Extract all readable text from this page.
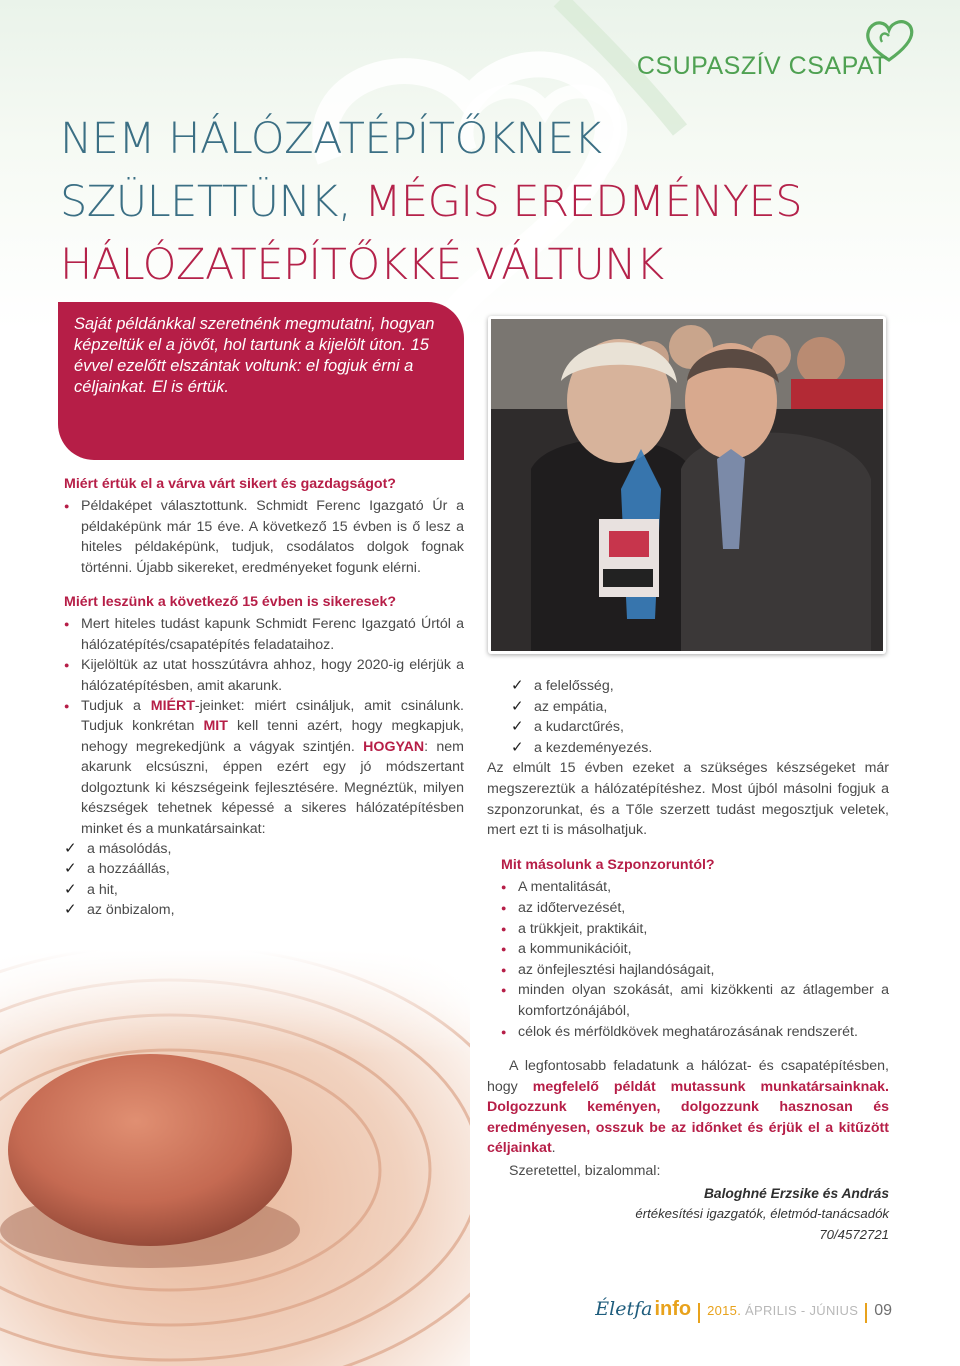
CSUPASZÍV CSAPAT
NEM HÁLÓZATÉPÍTŐKNEK
SZÜLETTÜNK, MÉGIS EREDMÉNYES
HÁLÓZATÉPÍTŐKKÉ VÁLTUNK
Saját példánkkal szeretnénk megmutatni, hogyan képzeltük el a jövőt, hol tartunk a kijelölt úton. 15 évvel ezelőtt elszántak voltunk: el fogjuk érni a céljainkat. El is értük.
Miért értük el a várva várt sikert és gazdagságot?
● Példaképet választottunk. Schmidt Ferenc Igazgató Úr a példaképünk már 15 éve. A következő 15 évben is ő lesz a hiteles példaképünk, tudjuk, csodálatos dolgok fognak történni. Újabb sikereket, eredményeket fogunk elérni.
Miért leszünk a következő 15 évben is sikeresek?
● Mert hiteles tudást kapunk Schmidt Ferenc Igazgató Úrtól a hálózatépítés/csapatépítés feladataihoz.
● Kijelöltük az utat hosszútávra ahhoz, hogy 2020-ig elérjük a hálózatépítésben, amit akarunk.
● Tudjuk a MIÉRT-jeinket: miért csináljuk, amit csinálunk. Tudjuk konkrétan MIT kell tenni azért, hogy megkapjuk, nehogy megrekedjünk a vágyak szintjén. HOGYAN: nem akarunk elcsúszni, éppen ezért egy jó módszertant dolgoztunk ki készségeink fejlesztésére. Megnéztük, milyen készségek tehetnek képessé a sikeres hálózatépítésben minket és a munkatársainkat:
✓ a másolódás,
✓ a hozzáállás,
✓ a hit,
✓ az önbizalom,
✓ a felelősség,
✓ az empátia,
✓ a kudarctűrés,
✓ a kezdeményezés.

Az elmúlt 15 évben ezeket a szükséges készségeket már megszereztük a hálózatépítéshez. Most újból másolni fogjuk a szponzorunkat, és a Tőle szerzett tudást megosztjuk veletek, mert ezt ti is másolhatjuk.

Mit másolunk a Szponzoruntól?
● A mentalitását,
● az időtervezését,
● a trükkjeit, praktikáit,
● a kommunikációit,
● az önfejlesztési hajlandóságait,
● minden olyan szokását, ami kizökkenti az átlagember a komfortzónájából,
● célok és mérföldkövek meghatározásának rendszerét.

A legfontosabb feladatunk a hálózat- és csapatépítésben, hogy megfelelő példát mutassunk munkatársainknak. Dolgozzunk keményen, dolgozzunk hasznosan és eredményesen, osszuk be az időnket és érjük el a kitűzött céljainkat.

Szeretettel, bizalommal:

Baloghné Erzsike és András
értékesítési igazgatók, életmód-tanácsadók
70/4572721
Életfa info 2015. ÁPRILIS - JÚNIUS 09
